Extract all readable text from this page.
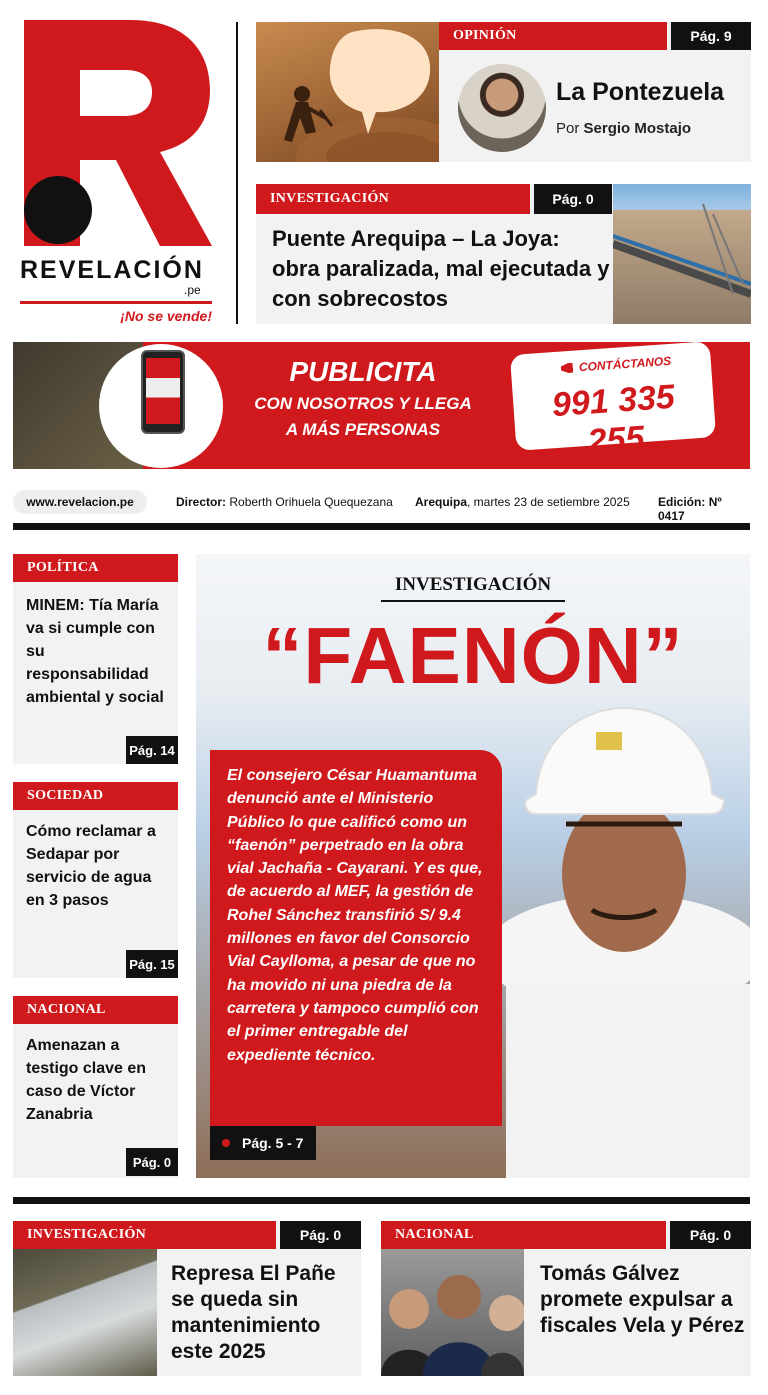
REVELACIÓN
.pe
¡No se vende!
OPINIÓN	Pág. 9
La Pontezuela
Por Sergio Mostajo
INVESTIGACIÓN	Pág. 0
Puente Arequipa – La Joya: obra paralizada, mal ejecutada y con sobrecostos
PUBLICITA
CON NOSOTROS Y LLEGA
A MÁS PERSONAS
CONTÁCTANOS
991 335 255
www.revelacion.pe	Director: Roberth Orihuela Quequezana Arequipa, martes 23 de setiembre 2025 Edición: Nº 0417
POLÍTICA
MINEM: Tía María va si cumple con su responsabilidad ambiental y social
Pág. 14
SOCIEDAD
Cómo reclamar a Sedapar por servicio de agua en 3 pasos
Pág. 15
NACIONAL
Amenazan a testigo clave en caso de Víctor Zanabria
Pág. 0
INVESTIGACIÓN
“FAENÓN”
El consejero César Huamantuma denunció ante el Ministerio Público lo que calificó como un “faenón” perpetrado en la obra vial Jachaña - Cayarani. Y es que, de acuerdo al MEF, la gestión de Rohel Sánchez transfirió S/ 9.4 millones en favor del Consorcio Vial Caylloma, a pesar de que no ha movido ni una piedra de la carretera y tampoco cumplió con el primer entregable del expediente técnico.
Pág. 5 - 7
INVESTIGACIÓN	Pág. 0
Represa El Pañe se queda sin mantenimiento este 2025
NACIONAL	Pág. 0
Tomás Gálvez promete expulsar a fiscales Vela y Pérez
